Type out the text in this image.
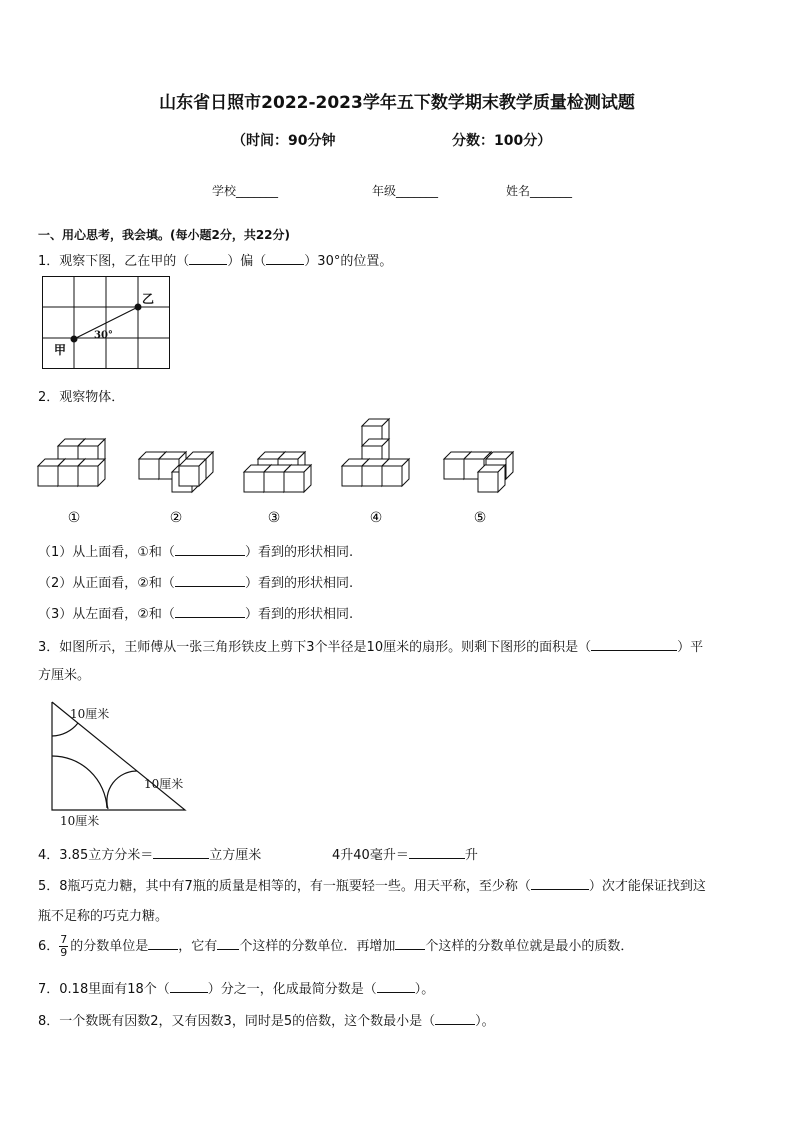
山东省日照市2022-2023学年五下数学期末教学质量检测试题
（时间：90分钟	分数：100分）
学校_______	年级_______	姓名_______
一、用心思考，我会填。(每小题2分，共22分)
1．观察下图，乙在甲的（	）偏（	）30°的位置。
乙
甲
30°
2．观察物体．
①	②	③	④	⑤
（1）从上面看，①和（	）看到的形状相同.
（2）从正面看，②和（	）看到的形状相同.
（3）从左面看，②和（	）看到的形状相同.
3．如图所示，王师傅从一张三角形铁皮上剪下3个半径是10厘米的扇形。则剩下图形的面积是（	）平
方厘米。
10厘米
10厘米
10厘米
4．3.85立方分米＝	立方厘米	4升40毫升＝	升
5．8瓶巧克力糖，其中有7瓶的质量是相等的，有一瓶要轻一些。用天平称，至少称（	）次才能保证找到这
瓶不足称的巧克力糖。
6． $\frac{7}{9}$ 的分数单位是 ，它有 个这样的分数单位．再增加 个这样的分数单位就是最小的质数．
7．0.18里面有18个（	）分之一，化成最简分数是（	）。
8．一个数既有因数2，又有因数3，同时是5的倍数，这个数最小是（	）。
